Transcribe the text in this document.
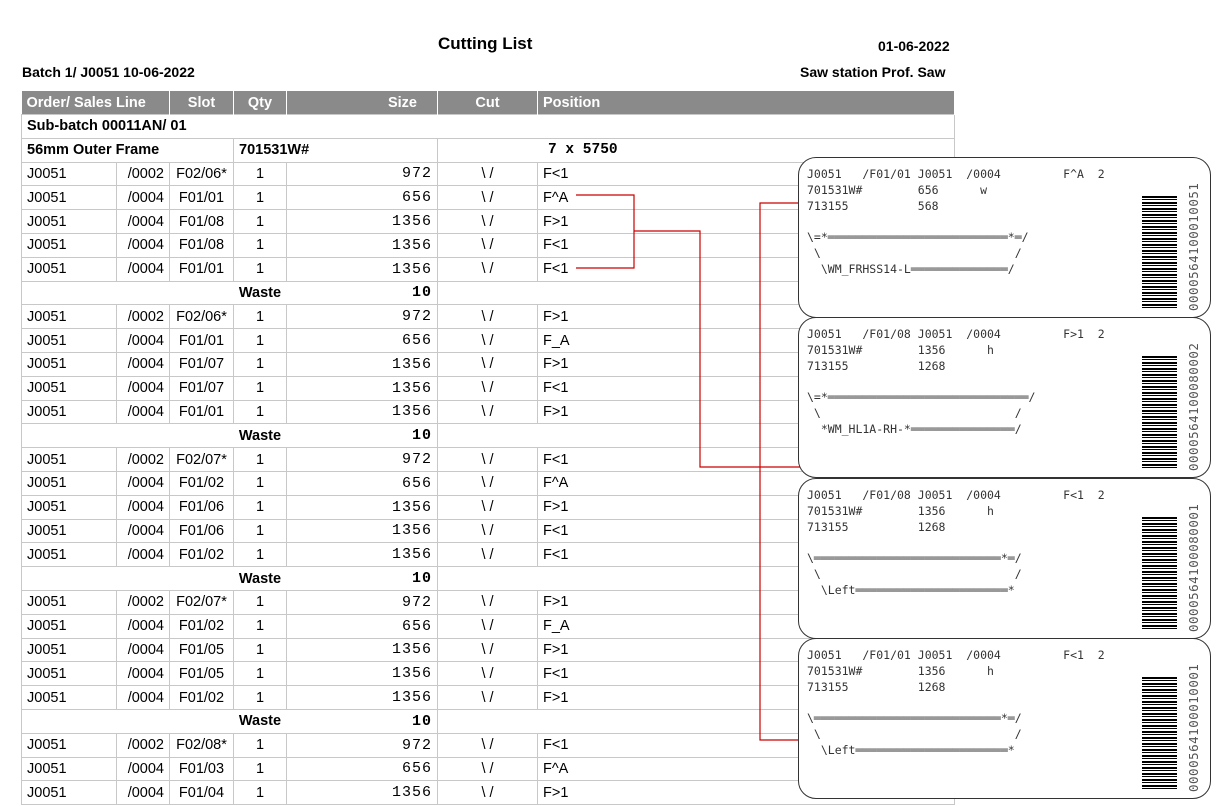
Cutting List	01-06-2022
Batch 1/ J0051 10-06-2022	Saw station Prof. Saw
Order/ Sales Line		Slot	Qty	Size	Cut	Position
Sub-batch 00011AN/ 01						
56mm Outer Frame			701531W#		7 x 5750	
J0051	/0002	F02/06*	1	972	\ /	F<1
J0051	/0004	F01/01	1	656	\ /	F^A
J0051	/0004	F01/08	1	1356	\ /	F>1
J0051	/0004	F01/08	1	1356	\ /	F<1
J0051	/0004	F01/01	1	1356	\ /	F<1
			Waste	10		
J0051	/0002	F02/06*	1	972	\ /	F>1
J0051	/0004	F01/01	1	656	\ /	F_A
J0051	/0004	F01/07	1	1356	\ /	F>1
J0051	/0004	F01/07	1	1356	\ /	F<1
J0051	/0004	F01/01	1	1356	\ /	F>1
			Waste	10		
J0051	/0002	F02/07*	1	972	\ /	F<1
J0051	/0004	F01/02	1	656	\ /	F^A
J0051	/0004	F01/06	1	1356	\ /	F>1
J0051	/0004	F01/06	1	1356	\ /	F<1
J0051	/0004	F01/02	1	1356	\ /	F<1
			Waste	10		
J0051	/0002	F02/07*	1	972	\ /	F>1
J0051	/0004	F01/02	1	656	\ /	F_A
J0051	/0004	F01/05	1	1356	\ /	F>1
J0051	/0004	F01/05	1	1356	\ /	F<1
J0051	/0004	F01/02	1	1356	\ /	F>1
			Waste	10		
J0051	/0002	F02/08*	1	972	\ /	F<1
J0051	/0004	F01/03	1	656	\ /	F^A
J0051	/0004	F01/04	1	1356	\ /	F>1
J0051   /F01/01 J0051  /0004         F^A  2
701531W#        656      w
713155          568
\=*══════════════════════════*═/
\                            /
\WM_FRHSS14-L══════════════/	0000564100010051
J0051   /F01/08 J0051  /0004         F>1  2
701531W#        1356      h
713155          1268
\=*═════════════════════════════/
\                            /
*WM_HL1A-RH-*═══════════════/	0000564100080002
J0051   /F01/08 J0051  /0004         F<1  2
701531W#        1356      h
713155          1268
\═══════════════════════════*═/
\                            /
\Left══════════════════════*	0000564100080001
J0051   /F01/01 J0051  /0004         F<1  2
701531W#        1356      h
713155          1268
\═══════════════════════════*═/
\                            /
\Left══════════════════════*	0000564100010001
